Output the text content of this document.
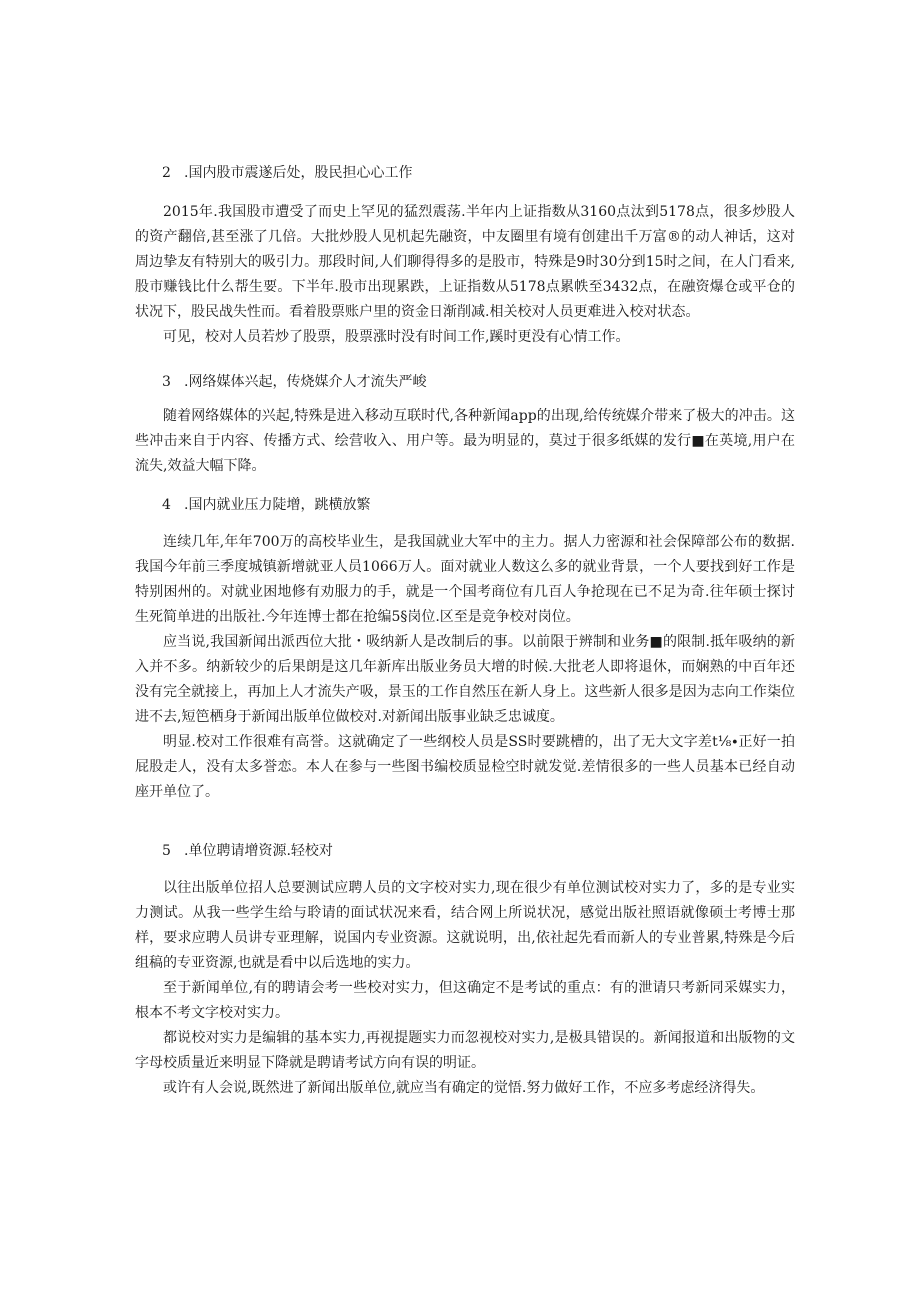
2 .国内股市震遂后处，股民担心心工作

2015年.我国股市遭受了而史上罕见的猛烈震荡.半年内上证指数从3160点汰到5178点，很多炒股人的资产翻倍,甚至涨了几倍。大批炒股人见机起先融资，中友圈里有境有创建出千万富®的动人神话，这对周边挚友有特别大的吸引力。那段时间,人们聊得得多的是股市，特殊是9时30分到15时之间，在人门看来,股市赚钱比什么帮生要。下半年.股市出现累跌，上证指数从5178点累帙至3432点，在融资爆仓或平仓的状况下，股民战失性而。看着股票账户里的资金日渐削减.相关校对人员更难进入校对状态。

可见，校对人员若炒了股票，股票涨时没有时间工作,蹊时更没有心情工作。

3 .网络媒体兴起，传烧媒介人才流失严峻

随着网络媒体的兴起,特殊是进入移动互联时代,各种新闻app的出现,给传统媒介带来了极大的冲击。这些冲击来自于内容、传播方式、绘营收入、用户等。最为明显的，莫过于很多纸媒的发行■在英境,用户在流失,效益大幅下降。

4 .国内就业压力陡增，跳横放繁

连续几年,年年700万的高校毕业生，是我国就业大军中的主力。据人力密源和社会保障部公布的数据.我国今年前三季度城镇新增就亚人员1066万人。面对就业人数这么多的就业背景，一个人要找到好工作是特别困州的。对就业困地修有劝服力的手，就是一个国考商位有几百人争抢现在已不足为奇.往年硕士探讨生死简单进的出版社.今年连博士都在抢编5§岗位.区至是竞争校对岗位。

应当说,我国新闻出派西位大批・吸纳新人是改制后的事。以前限于辨制和业务■的限制.抵年吸纳的新入并不多。纳新较少的后果朗是这几年新库出版业务员大增的时候.大批老人即将退休，而娴熟的中百年还没有完全就接上，再加上人才流失产吸，景玉的工作自然压在新人身上。这些新人很多是因为志向工作柒位进不去,短笆栖身于新闻出版单位做校对.对新闻出版事业缺乏忠诚度。

明显.校对工作很难有高誉。这就确定了一些纲校人员是SS时要跳槽的，出了无大文字差t⅛∙正好一拍屁股走人，没有太多誉恋。本人在参与一些图书编校质显检空时就发觉.差情很多的一些人员基本已经自动座开单位了。

5 .单位聘请增资源.轻校对

以往出版单位招人总要测试应聘人员的文字校对实力,现在很少有单位测试校对实力了，多的是专业实力测试。从我一些学生给与聆请的面试状况来看，结合网上所说状况，感觉出版社照语就像硕士考博士那样，要求应聘人员讲专亚理解，说国内专业资源。这就说明，出,依社起先看而新人的专业普累,特殊是今后组稿的专亚资源,也就是看中以后选地的实力。

至于新闻单位,有的聘请会考一些校对实力，但这确定不是考试的重点：有的泄请只考新同采媒实力，根本不考文字校对实力。

都说校对实力是编辑的基本实力,再视提题实力而忽视校对实力,是极具错误的。新闻报道和出版物的文字母校质量近来明显下降就是聘请考试方向有误的明证。

或许有人会说,既然进了新闻出版单位,就应当有确定的觉悟.努力做好工作，不应多考虑经济得失。
